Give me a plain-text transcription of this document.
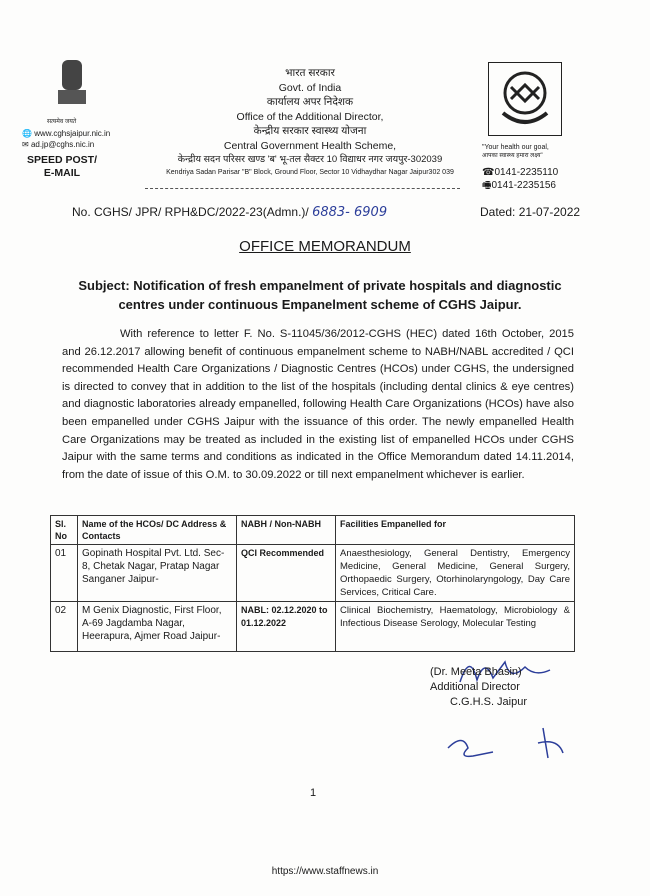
सत्यमेव जयते
🌐 www.cghsjaipur.nic.in
✉ ad.jp@cghs.nic.in
SPEED POST/ E-MAIL
भारत सरकार
Govt. of India
कार्यालय अपर निदेशक
Office of the Additional Director,
केन्द्रीय सरकार स्वास्थ्य योजना
Central Government Health Scheme,
केन्द्रीय सदन परिसर खण्ड 'ब' भू-तल सैक्टर 10 विद्याधर नगर जयपुर-302039
Kendriya Sadan Parisar "B" Block, Ground Floor, Sector 10 Vidhaydhar Nagar Jaipur302 039
"Your health our goal,
आपका स्वास्थ्य हमारा लक्ष्य"
☎0141-2235110
🖷0141-2235156
No. CGHS/ JPR/ RPH&DC/2022-23(Admn.)/ 6883- 6909	Dated: 21-07-2022
OFFICE MEMORANDUM
Subject: Notification of fresh empanelment of private hospitals and diagnostic centres under continuous Empanelment scheme of CGHS Jaipur.
With reference to letter F. No. S-11045/36/2012-CGHS (HEC) dated 16th October, 2015 and 26.12.2017 allowing benefit of continuous empanelment scheme to NABH/NABL accredited / QCI recommended Health Care Organizations / Diagnostic Centres (HCOs) under CGHS, the undersigned is directed to convey that in addition to the list of the hospitals (including dental clinics & eye centres) and diagnostic laboratories already empanelled, following Health Care Organizations (HCOs) have also been empanelled under CGHS Jaipur with the issuance of this order. The newly empanelled Health Care Organizations may be treated as included in the existing list of empanelled HCOs under CGHS Jaipur with the same terms and conditions as indicated in the Office Memorandum dated 14.11.2014, from the date of issue of this O.M. to 30.09.2022 or till next empanelment whichever is earlier.
Sl. No	Name of the HCOs/ DC Address & Contacts	NABH / Non-NABH	Facilities Empanelled for
01	Gopinath Hospital Pvt. Ltd. Sec-8, Chetak Nagar, Pratap Nagar Sanganer Jaipur-	QCI Recommended	Anaesthesiology, General Dentistry, Emergency Medicine, General Medicine, General Surgery, Orthopaedic Surgery, Otorhinolaryngology, Day Care Services, Critical Care.
02	M Genix Diagnostic, First Floor, A-69 Jagdamba Nagar, Heerapura, Ajmer Road Jaipur-	NABL: 02.12.2020 to 01.12.2022	Clinical Biochemistry, Haematology, Microbiology & Infectious Disease Serology, Molecular Testing
(Dr. Meeta Bhasin)
Additional Director
C.G.H.S. Jaipur
1
https://www.staffnews.in
